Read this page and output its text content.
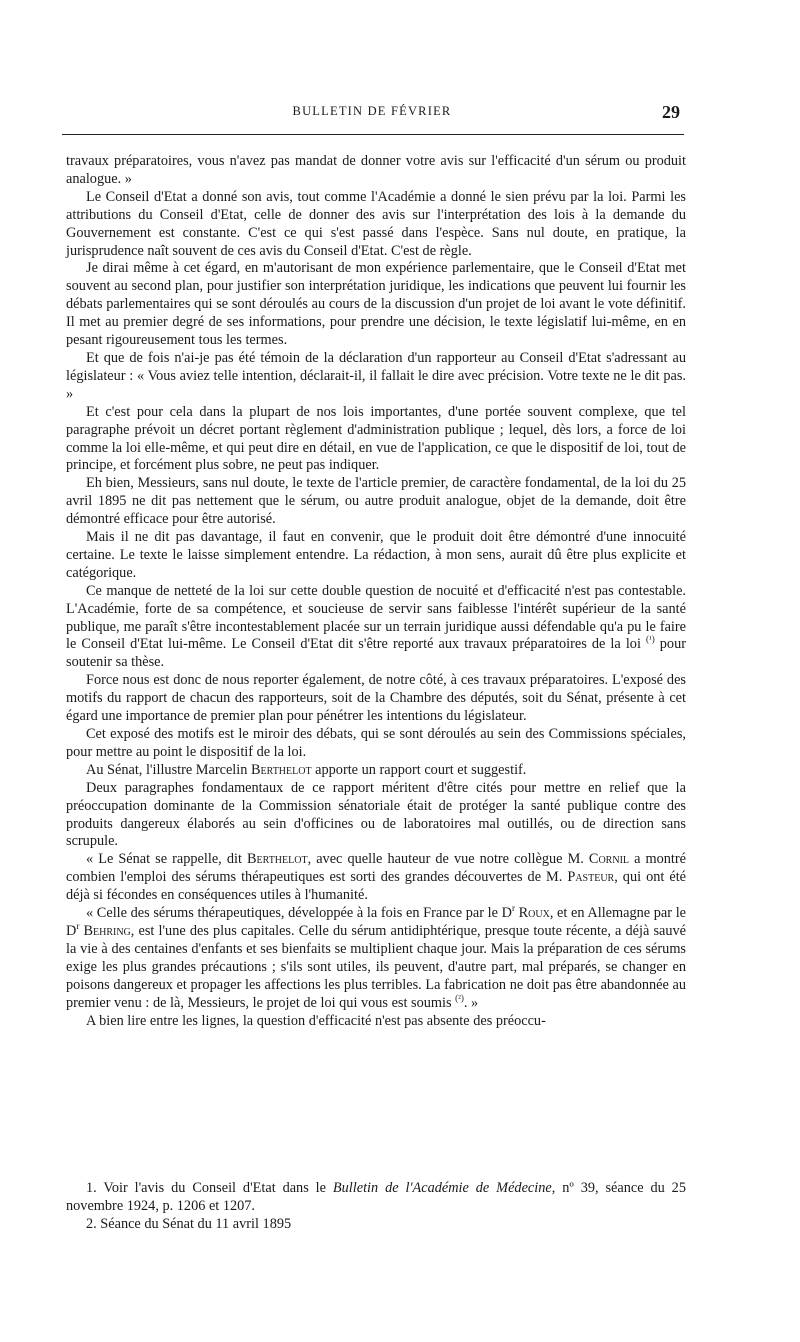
BULLETIN DE FÉVRIER	29

travaux préparatoires, vous n'avez pas mandat de donner votre avis sur l'efficacité d'un sérum ou produit analogue. »

Le Conseil d'Etat a donné son avis, tout comme l'Académie a donné le sien prévu par la loi. Parmi les attributions du Conseil d'Etat, celle de donner des avis sur l'interprétation des lois à la demande du Gouvernement est constante. C'est ce qui s'est passé dans l'espèce. Sans nul doute, en pratique, la jurisprudence naît souvent de ces avis du Conseil d'Etat. C'est de règle.

Je dirai même à cet égard, en m'autorisant de mon expérience parlementaire, que le Conseil d'Etat met souvent au second plan, pour justifier son interprétation juridique, les indications que peuvent lui fournir les débats parlementaires qui se sont déroulés au cours de la discussion d'un projet de loi avant le vote définitif. Il met au premier degré de ses informations, pour prendre une décision, le texte législatif lui-même, en en pesant rigoureusement tous les termes.

Et que de fois n'ai-je pas été témoin de la déclaration d'un rapporteur au Conseil d'Etat s'adressant au législateur : « Vous aviez telle intention, déclarait-il, il fallait le dire avec précision. Votre texte ne le dit pas. »

Et c'est pour cela dans la plupart de nos lois importantes, d'une portée souvent complexe, que tel paragraphe prévoit un décret portant règlement d'administration publique ; lequel, dès lors, a force de loi comme la loi elle-même, et qui peut dire en détail, en vue de l'application, ce que le dispositif de loi, tout de principe, et forcément plus sobre, ne peut pas indiquer.

Eh bien, Messieurs, sans nul doute, le texte de l'article premier, de caractère fondamental, de la loi du 25 avril 1895 ne dit pas nettement que le sérum, ou autre produit analogue, objet de la demande, doit être démontré efficace pour être autorisé.

Mais il ne dit pas davantage, il faut en convenir, que le produit doit être démontré d'une innocuité certaine. Le texte le laisse simplement entendre. La rédaction, à mon sens, aurait dû être plus explicite et catégorique.

Ce manque de netteté de la loi sur cette double question de nocuité et d'efficacité n'est pas contestable. L'Académie, forte de sa compétence, et soucieuse de servir sans faiblesse l'intérêt supérieur de la santé publique, me paraît s'être incontestablement placée sur un terrain juridique aussi défendable qu'a pu le faire le Conseil d'Etat lui-même. Le Conseil d'Etat dit s'être reporté aux travaux préparatoires de la loi $^{(^1)}$ pour soutenir sa thèse.

Force nous est donc de nous reporter également, de notre côté, à ces travaux préparatoires. L'exposé des motifs du rapport de chacun des rapporteurs, soit de la Chambre des députés, soit du Sénat, présente à cet égard une importance de premier plan pour pénétrer les intentions du législateur.

Cet exposé des motifs est le miroir des débats, qui se sont déroulés au sein des Commissions spéciales, pour mettre au point le dispositif de la loi.

Au Sénat, l'illustre Marcelin Berthelot apporte un rapport court et suggestif.

Deux paragraphes fondamentaux de ce rapport méritent d'être cités pour mettre en relief que la préoccupation dominante de la Commission sénatoriale était de protéger la santé publique contre des produits dangereux élaborés au sein d'officines ou de laboratoires mal outillés, ou de direction sans scrupule.

« Le Sénat se rappelle, dit Berthelot, avec quelle hauteur de vue notre collègue M. Cornil a montré combien l'emploi des sérums thérapeutiques est sorti des grandes découvertes de M. Pasteur, qui ont été déjà si fécondes en conséquences utiles à l'humanité.

« Celle des sérums thérapeutiques, développée à la fois en France par le $D^r$ Roux, et en Allemagne par le $D^r$ Behring, est l'une des plus capitales. Celle du sérum antidiphtérique, presque toute récente, a déjà sauvé la vie à des centaines d'enfants et ses bienfaits se multiplient chaque jour. Mais la préparation de ces sérums exige les plus grandes précautions ; s'ils sont utiles, ils peuvent, d'autre part, mal préparés, se changer en poisons dangereux et propager les affections les plus terribles. La fabrication ne doit pas être abandonnée au premier venu : de là, Messieurs, le projet de loi qui vous est soumis $^{(^2)}$. »

A bien lire entre les lignes, la question d'efficacité n'est pas absente des préoccu-

1. Voir l'avis du Conseil d'Etat dans le Bulletin de l'Académie de Médecine, nº 39, séance du 25 novembre 1924, p. 1206 et 1207.

2. Séance du Sénat du 11 avril 1895
